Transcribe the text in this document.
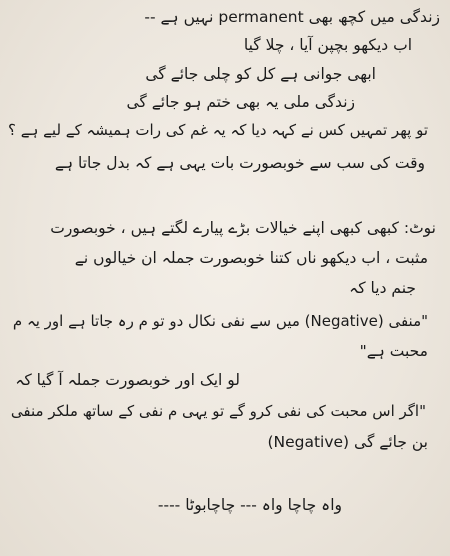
زندگی میں کچھ بھی permanent نہیں ہے --
اب دیکھو بچپن آیا ، چلا گیا
ابھی جوانی ہے کل کو چلی جائے گی
زندگی ملی یہ بھی ختم ہو جائے گی
تو پھر تمہیں کس نے کہہ دیا کہ یہ غم کی رات ہمیشہ کے لیے ہے ؟
وقت کی سب سے خوبصورت بات یہی ہے کہ بدل جاتا ہے
نوٹ: کبھی کبھی اپنے خیالات بڑے پیارے لگتے ہیں ، خوبصورت
مثبت ، اب دیکھو ناں کتنا خوبصورت جملہ ان خیالوں نے
جنم دیا کہ
"منفی (Negative) میں سے نفی نکال دو تو م رہ جاتا ہے اور یہ م
محبت ہے"
لو ایک اور خوبصورت جملہ آ گیا کہ
"اگر اس محبت کی نفی کرو گے تو یہی م نفی کے ساتھ ملکر منفی
(Negative) بن جائے گی
واہ چاچا واہ --- چاچابوٹا ----
